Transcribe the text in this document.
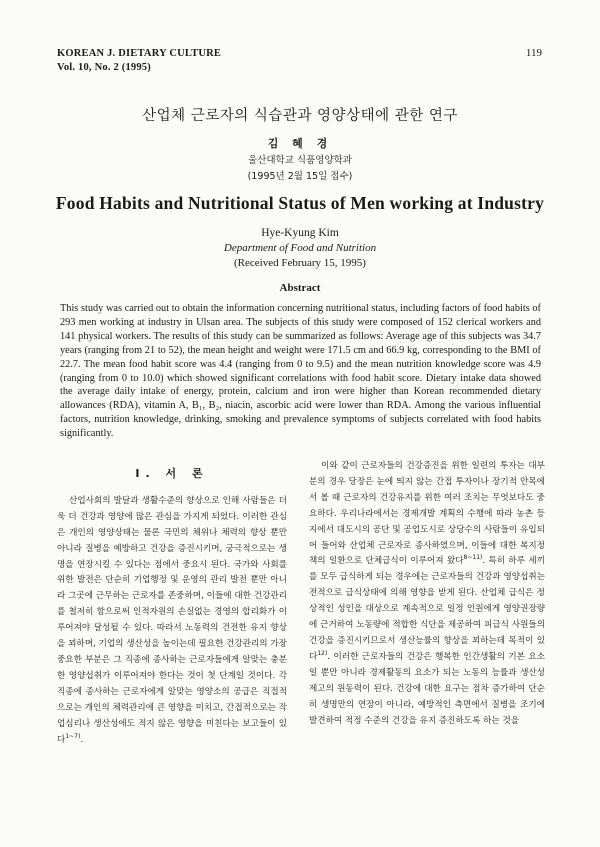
KOREAN J. DIETARY CULTURE
Vol. 10, No. 2 (1995)
119
산업체 근로자의 식습관과 영양상태에 관한 연구
김 혜 경
울산대학교 식품영양학과
(1995년 2월 15일 접수)
Food Habits and Nutritional Status of Men working at Industry
Hye-Kyung Kim
Department of Food and Nutrition
(Received February 15, 1995)
Abstract

This study was carried out to obtain the information concerning nutritional status, including factors of food habits of 293 men working at industry in Ulsan area. The subjects of this study were composed of 152 clerical workers and 141 physical workers. The results of this study can be summarized as follows: Average age of this subjects was 34.7 years (ranging from 21 to 52), the mean height and weight were 171.5 cm and 66.9 kg, corresponding to the BMI of 22.7. The mean food habit score was 4.4 (ranging from 0 to 9.5) and the mean nutrition knowledge score was 4.9 (ranging from 0 to 10.0) which showed significant correlations with food habit score. Dietary intake data showed the average daily intake of energy, protein, calcium and iron were higher than Korean recommended dietary allowances (RDA), vitamin A, B₁, B₂, niacin, ascorbic acid were lower than RDA. Among the various influential factors, nutrition knowledge, drinking, smoking and prevalence symptoms of subjects correlated with food habits significantly.

I. 서 론

산업사회의 발달과 생활수준의 향상으로 인해 사람들은 더욱 더 건강과 영양에 많은 관심을 가지게 되었다. 이러한 관심은 개인의 영양상태는 물론 국민의 체위나 체력의 향상 뿐만 아니라 질병을 예방하고 건강을 증진시키며, 궁극적으로는 생명을 연장시킬 수 있다는 점에서 중요시 된다. 국가와 사회를 위한 발전은 단순히 기업행정 및 운영의 관리 발전 뿐만 아니라 그곳에 근무하는 근로자를 존중하며, 이들에 대한 건강관리를 철저히 함으로써 인적자원의 손실없는 경영의 합리화가 이루어져야 달성될 수 있다. 따라서 노동력의 건전한 유지 향상을 꾀하며, 기업의 생산성을 높이는데 필요한 건강관리의 가장 중요한 부분은 그 직종에 종사하는 근로자들에게 알맞는 충분한 영양섭취가 이루어져야 한다는 것이 첫 단계일 것이다. 각 직종에 종사하는 근로자에게 알맞는 영양소의 공급은 직접적으로는 개인의 체력관리에 큰 영향을 미치고, 간접적으로는 작업심리나 생산성에도 적지 않은 영향을 미친다는 보고들이 있다$^{1\sim 7)}$.

이와 같이 근로자들의 건강증진을 위한 일련의 투자는 대부분의 경우 당장은 눈에 띄지 않는 간접 투자이나 장기적 안목에서 볼 때 근로자의 건강유지를 위한 여러 조치는 무엇보다도 중요하다. 우리나라에서는 경제개발 계획의 수행에 따라 농촌 등지에서 대도시의 공단 및 공업도시로 상당수의 사람들이 유입되어 들어와 산업체 근로자로 종사하였으며, 이들에 대한 복지정책의 일환으로 단체급식이 이루어져 왔다$^{8\sim 11)}$. 특히 하루 세끼를 모두 급식하게 되는 경우에는 근로자들의 건강과 영양섭취는 전적으로 급식상태에 의해 영향을 받게 된다. 산업체 급식은 정상적인 성인을 대상으로 계속적으로 일정 인원에게 영양권장량에 근거하여 노동량에 적합한 식단을 제공하여 피급식 사원들의 건강을 증진시키므로서 생산능률의 향상을 꾀하는데 목적이 있다$^{12)}$. 이러한 근로자들의 건강은 행복한 인간생활의 기본 요소일 뿐만 아니라 경제활동의 요소가 되는 노동의 능률과 생산성 제고의 원동력이 된다. 건강에 대한 요구는 점차 증가하여 단순히 생명만의 연장이 아니라, 예방적인 측면에서 질병을 조기에 발견하여 적정 수준의 건강을 유지 증진하도록 하는 것을
